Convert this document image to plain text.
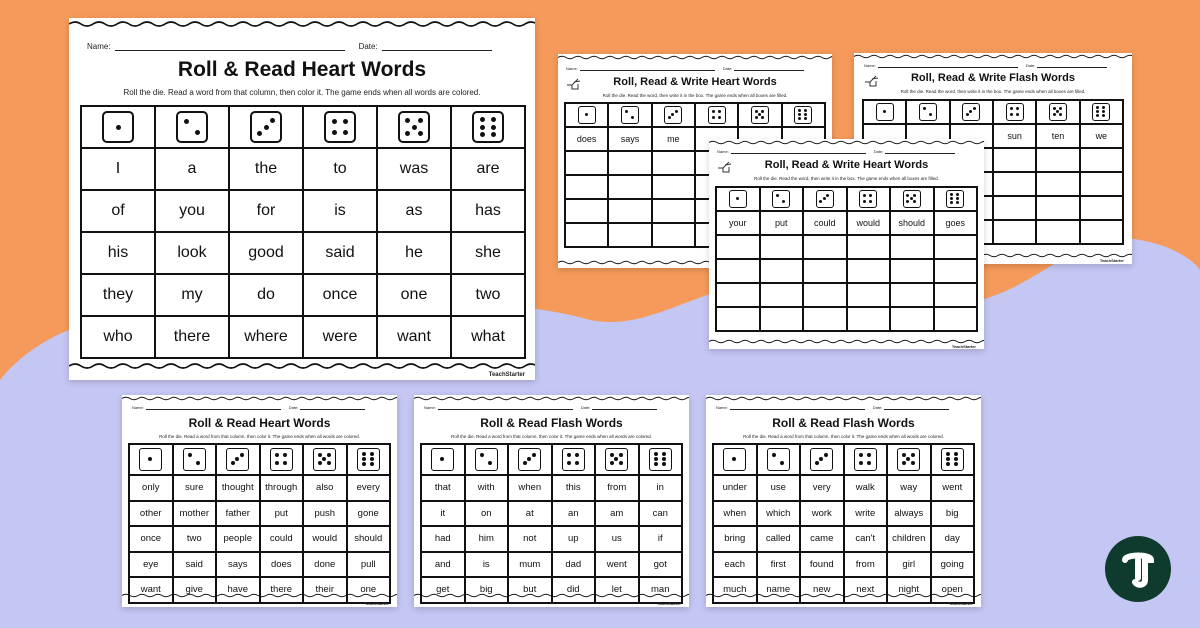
Name:	Date:
Roll & Read Heart Words
Roll the die. Read a word from that column, then color it. The game ends when all words are colored.

I	a	the	to	was	are
of	you	for	is	as	has
his	look	good	said	he	she
they	my	do	once	one	two
who	there	where	were	want	what
TeachStarter
Name:	Date:
Roll, Read & Write Heart Words
Roll the die. Read the word, then write it in the box. The game ends when all boxes are filled.

does	says	me			

Name:	Date:
Roll, Read & Write Flash Words
Roll the die. Read the word, then write it in the box. The game ends when all boxes are filled.

			sun	ten	we

TeachStarter
Name:	Date:
Roll, Read & Write Heart Words
Roll the die. Read the word, then write it in the box. The game ends when all boxes are filled.

your	put	could	would	should	goes

TeachStarter
Name:	Date:
Roll & Read Heart Words
Roll the die. Read a word from that column, then color it. The game ends when all words are colored.

only	sure	thought	through	also	every
other	mother	father	put	push	gone
once	two	people	could	would	should
eye	said	says	does	done	pull
want	give	have	there	their	one
TeachStarter
Name:	Date:
Roll & Read Flash Words
Roll the die. Read a word from that column, then color it. The game ends when all words are colored.

that	with	when	this	from	in
it	on	at	an	am	can
had	him	not	up	us	if
and	is	mum	dad	went	got
get	big	but	did	let	man
TeachStarter
Name:	Date:
Roll & Read Flash Words
Roll the die. Read a word from that column, then color it. The game ends when all words are colored.

under	use	very	walk	way	went
when	which	work	write	always	big
bring	called	came	can't	children	day
each	first	found	from	girl	going
much	name	new	next	night	open
TeachStarter
